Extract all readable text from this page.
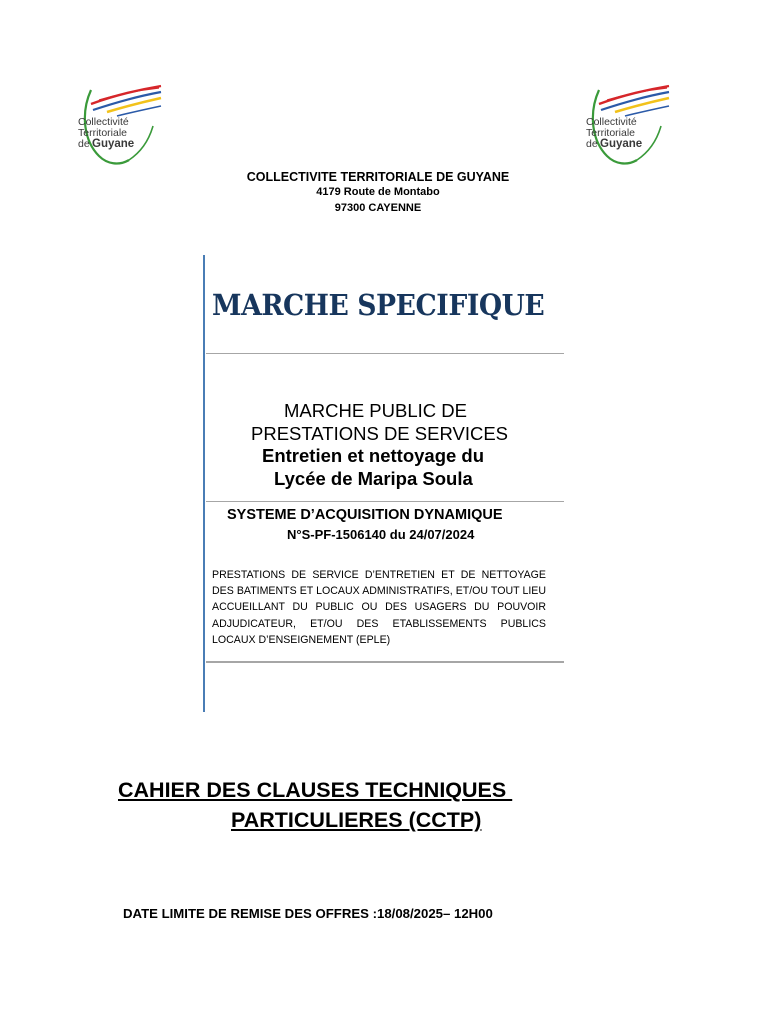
Collectivité
Territoriale
de Guyane
Collectivité
Territoriale
de Guyane
COLLECTIVITE TERRITORIALE DE GUYANE
4179 Route de Montabo
97300 CAYENNE
MARCHE SPECIFIQUE
MARCHE PUBLIC DE
PRESTATIONS DE SERVICES
Entretien et nettoyage du
Lycée de Maripa Soula
SYSTEME D’ACQUISITION DYNAMIQUE
N°S-PF-1506140 du 24/07/2024
PRESTATIONS DE SERVICE D’ENTRETIEN ET DE NETTOYAGE DES BATIMENTS ET LOCAUX ADMINISTRATIFS, ET/OU TOUT LIEU ACCUEILLANT DU PUBLIC OU DES USAGERS DU POUVOIR ADJUDICATEUR, ET/OU DES ETABLISSEMENTS PUBLICS LOCAUX D’ENSEIGNEMENT (EPLE)
CAHIER DES CLAUSES TECHNIQUES
PARTICULIERES (CCTP)
DATE LIMITE DE REMISE DES OFFRES :18/08/2025– 12H00
